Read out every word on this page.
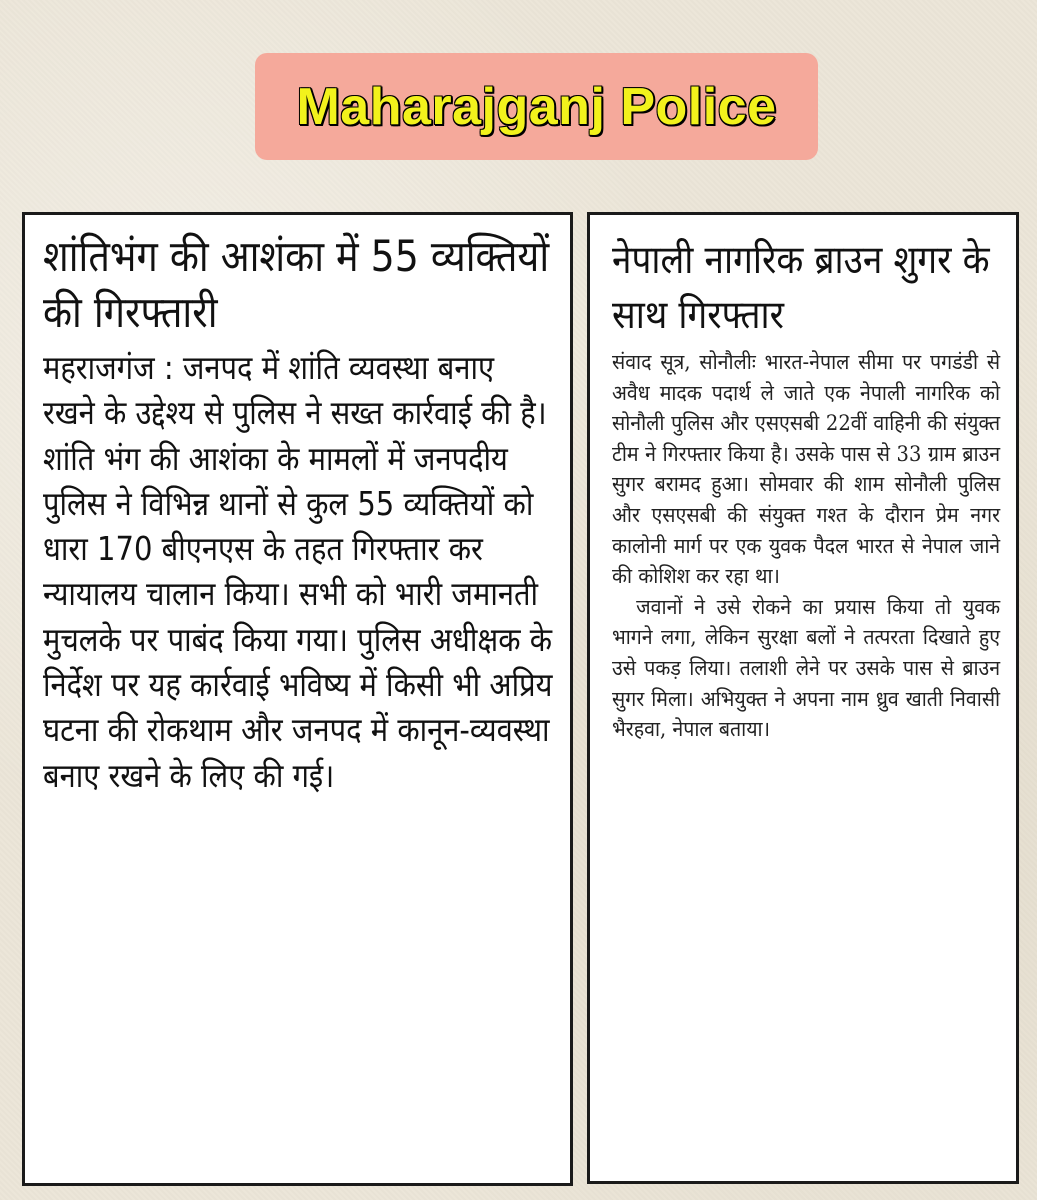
Maharajganj Police
शांतिभंग की आशंका में 55 व्यक्तियों की गिरफ्तारी

महराजगंज : जनपद में शांति व्यवस्था बनाए रखने के उद्देश्य से पुलिस ने सख्त कार्रवाई की है। शांति भंग की आशंका के मामलों में जनपदीय पुलिस ने विभिन्न थानों से कुल 55 व्यक्तियों को धारा 170 बीएनएस के तहत गिरफ्तार कर न्यायालय चालान किया। सभी को भारी जमानती मुचलके पर पाबंद किया गया। पुलिस अधीक्षक के निर्देश पर यह कार्रवाई भविष्य में किसी भी अप्रिय घटना की रोकथाम और जनपद में कानून-व्यवस्था बनाए रखने के लिए की गई।

नेपाली नागरिक ब्राउन शुगर के साथ गिरफ्तार

संवाद सूत्र, सोनौलीः भारत-नेपाल सीमा पर पगडंडी से अवैध मादक पदार्थ ले जाते एक नेपाली नागरिक को सोनौली पुलिस और एसएसबी 22वीं वाहिनी की संयुक्त टीम ने गिरफ्तार किया है। उसके पास से 33 ग्राम ब्राउन सुगर बरामद हुआ। सोमवार की शाम सोनौली पुलिस और एसएसबी की संयुक्त गश्त के दौरान प्रेम नगर कालोनी मार्ग पर एक युवक पैदल भारत से नेपाल जाने की कोशिश कर रहा था।

जवानों ने उसे रोकने का प्रयास किया तो युवक भागने लगा, लेकिन सुरक्षा बलों ने तत्परता दिखाते हुए उसे पकड़ लिया। तलाशी लेने पर उसके पास से ब्राउन सुगर मिला। अभियुक्त ने अपना नाम ध्रुव खाती निवासी भैरहवा, नेपाल बताया।
